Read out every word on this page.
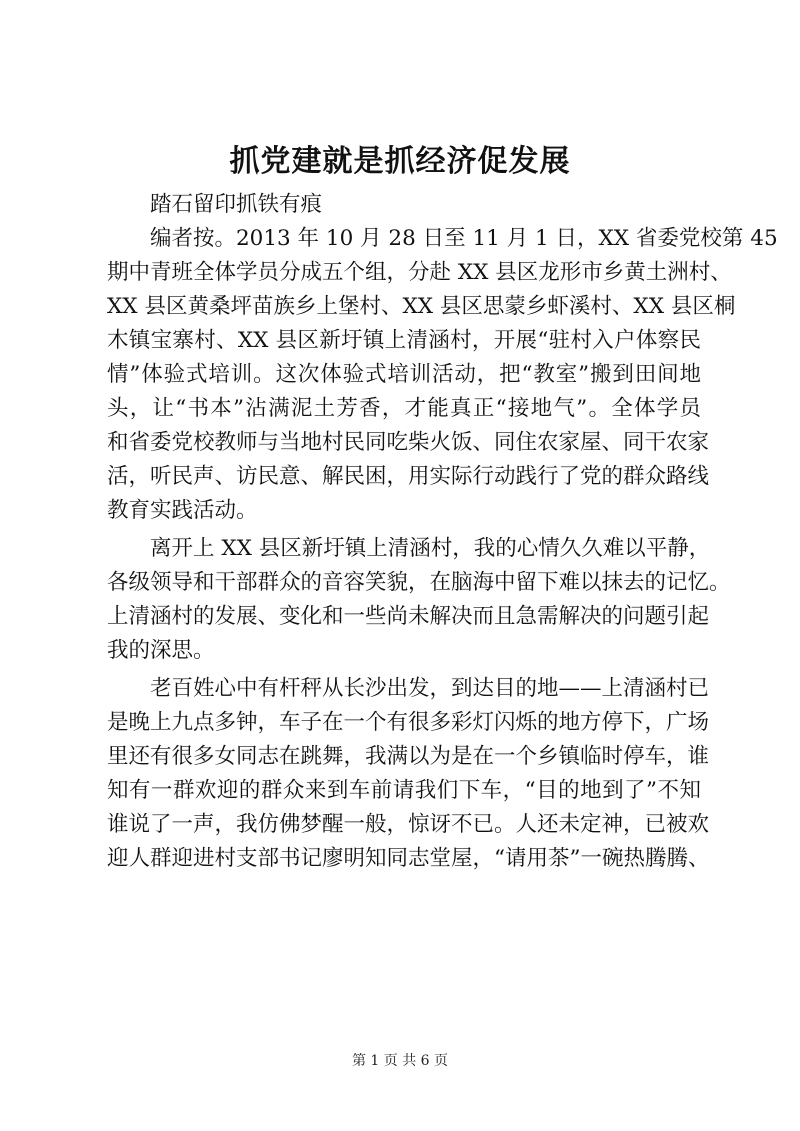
抓党建就是抓经济促发展
踏石留印抓铁有痕
编者按。2013 年 10 月 28 日至 11 月 1 日，XX 省委党校第 45
期中青班全体学员分成五个组，分赴 XX 县区龙形市乡黄土洲村、
XX 县区黄桑坪苗族乡上堡村、XX 县区思蒙乡虾溪村、XX 县区桐
木镇宝寨村、XX 县区新圩镇上清涵村，开展“驻村入户体察民
情”体验式培训。这次体验式培训活动，把“教室”搬到田间地
头，让“书本”沾满泥土芳香，才能真正“接地气”。全体学员
和省委党校教师与当地村民同吃柴火饭、同住农家屋、同干农家
活，听民声、访民意、解民困，用实际行动践行了党的群众路线
教育实践活动。
离开上 XX 县区新圩镇上清涵村，我的心情久久难以平静，
各级领导和干部群众的音容笑貌，在脑海中留下难以抹去的记忆。
上清涵村的发展、变化和一些尚未解决而且急需解决的问题引起
我的深思。
老百姓心中有杆秤从长沙出发，到达目的地——上清涵村已
是晚上九点多钟，车子在一个有很多彩灯闪烁的地方停下，广场
里还有很多女同志在跳舞，我满以为是在一个乡镇临时停车，谁
知有一群欢迎的群众来到车前请我们下车，“目的地到了”不知
谁说了一声，我仿佛梦醒一般，惊讶不已。人还未定神，已被欢
迎人群迎进村支部书记廖明知同志堂屋，“请用茶”一碗热腾腾、
第 1 页 共 6 页
